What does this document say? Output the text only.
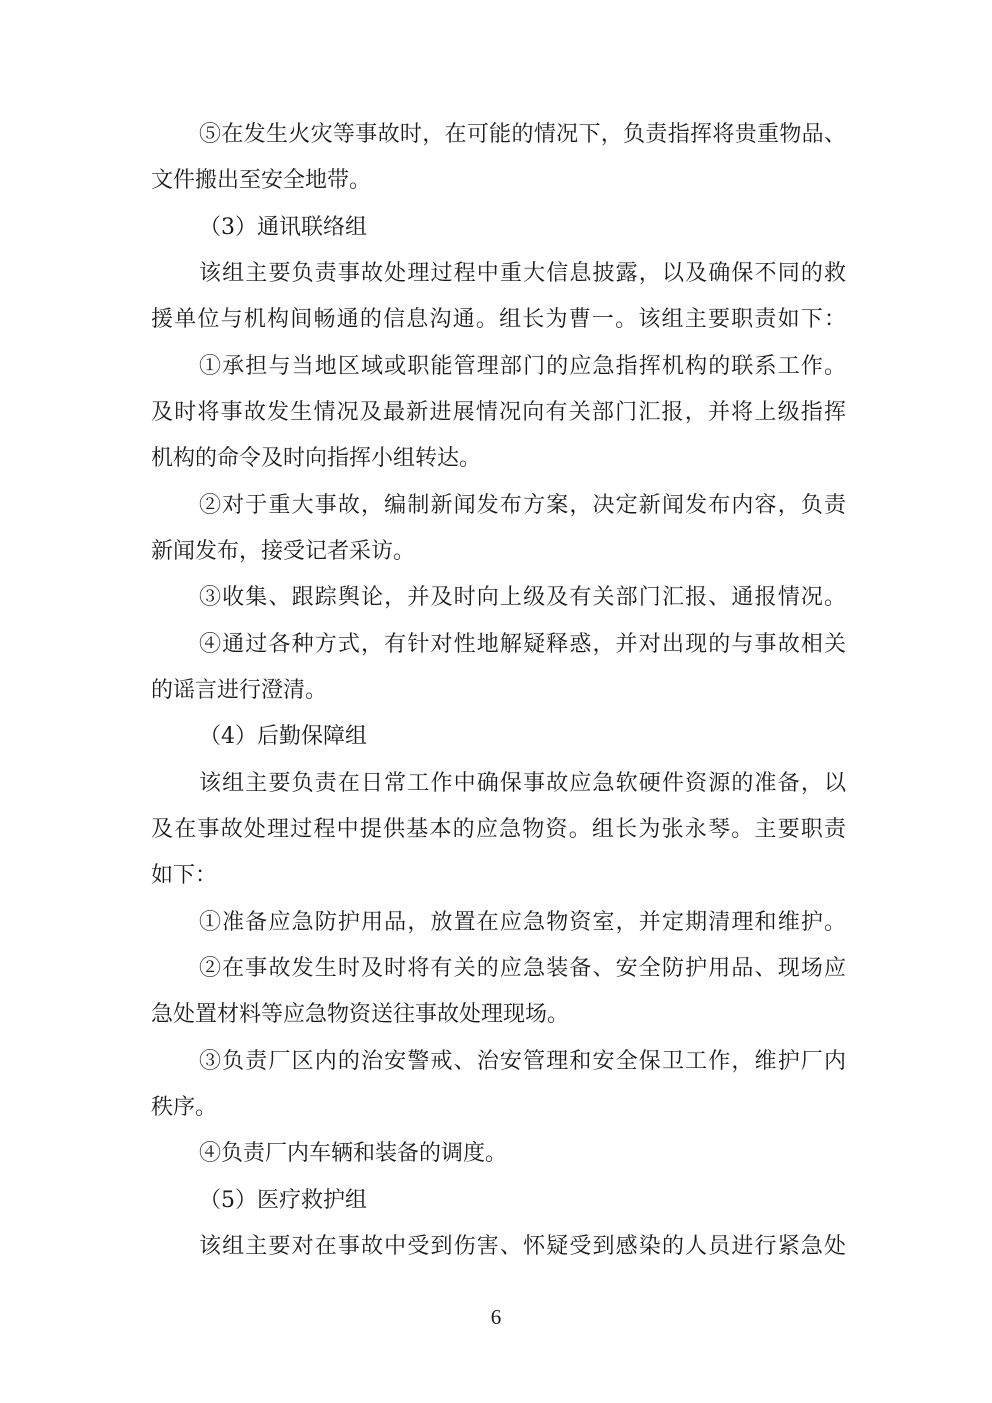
⑤在发生火灾等事故时，在可能的情况下，负责指挥将贵重物品、
文件搬出至安全地带。
（3）通讯联络组
该组主要负责事故处理过程中重大信息披露，以及确保不同的救
援单位与机构间畅通的信息沟通。组长为曹一。该组主要职责如下：
①承担与当地区域或职能管理部门的应急指挥机构的联系工作。
及时将事故发生情况及最新进展情况向有关部门汇报，并将上级指挥
机构的命令及时向指挥小组转达。
②对于重大事故，编制新闻发布方案，决定新闻发布内容，负责
新闻发布，接受记者采访。
③收集、跟踪舆论，并及时向上级及有关部门汇报、通报情况。
④通过各种方式，有针对性地解疑释惑，并对出现的与事故相关
的谣言进行澄清。
（4）后勤保障组
该组主要负责在日常工作中确保事故应急软硬件资源的准备，以
及在事故处理过程中提供基本的应急物资。组长为张永琴。主要职责
如下：
①准备应急防护用品，放置在应急物资室，并定期清理和维护。
②在事故发生时及时将有关的应急装备、安全防护用品、现场应
急处置材料等应急物资送往事故处理现场。
③负责厂区内的治安警戒、治安管理和安全保卫工作，维护厂内
秩序。
④负责厂内车辆和装备的调度。
（5）医疗救护组
该组主要对在事故中受到伤害、怀疑受到感染的人员进行紧急处
6
